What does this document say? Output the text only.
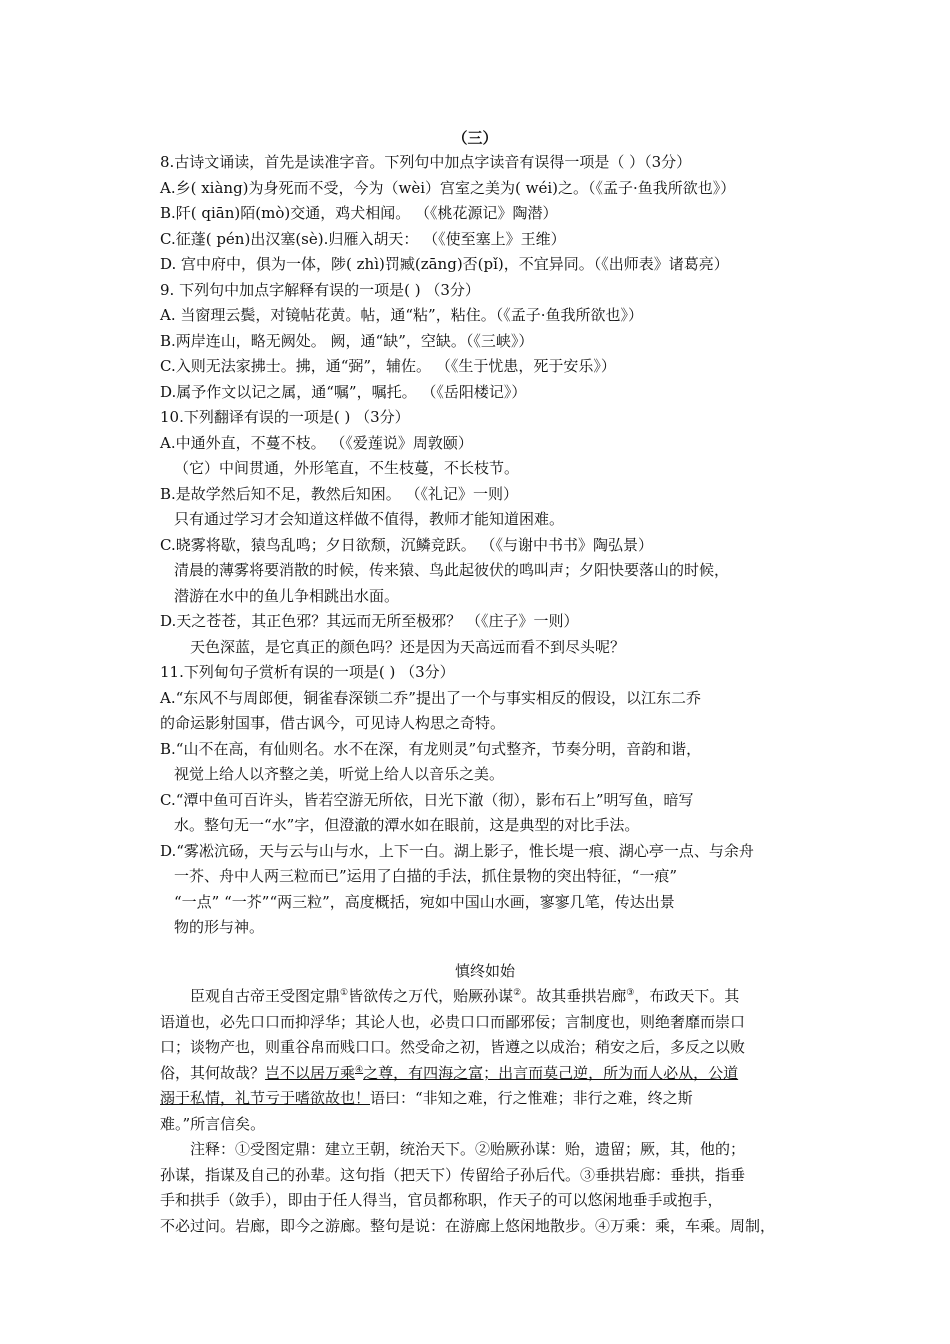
（三）
8.古诗文诵读，首先是读准字音。下列句中加点字读音有误得一项是（ ）（3分）
A.乡( xiàng)为身死而不受，今为（wèi）宫室之美为( wéi)之。（《孟子·鱼我所欲也》）
B.阡( qiān)陌(mò)交通，鸡犬相闻。 （《桃花源记》陶潜）
C.征蓬( pén)出汉塞(sè).归雁入胡天： （《使至塞上》王维）
D. 宫中府中，俱为一体，陟( zhì)罚臧(zāng)否(pǐ)，不宜异同。（《出师表》诸葛亮）
9. 下列句中加点字解释有误的一项是( ) （3分）
A. 当窗理云鬓，对镜帖花黄。帖，通“粘”，粘住。（《孟子·鱼我所欲也》）
B.两岸连山，略无阙处。 阙，通“缺”，空缺。（《三峡》）
C.入则无法家拂士。拂，通“弼”，辅佐。 （《生于忧患，死于安乐》）
D.属予作文以记之属，通“嘱”，嘱托。 （《岳阳楼记》）
10.下列翻译有误的一项是( ) （3分）
A.中通外直，不蔓不枝。 （《爱莲说》周敦颐）
（它）中间贯通，外形笔直，不生枝蔓，不长枝节。
B.是故学然后知不足，教然后知困。 （《礼记》一则）
只有通过学习才会知道这样做不值得，教师才能知道困难。
C.晓雾将歇，猿鸟乱鸣；夕日欲颓，沉鳞竞跃。 （《与谢中书书》陶弘景）
清晨的薄雾将要消散的时候，传来猿、鸟此起彼伏的鸣叫声；夕阳快要落山的时候，
潜游在水中的鱼儿争相跳出水面。
D.天之苍苍，其正色邪？其远而无所至极邪？ （《庄子》一则）
天色深蓝，是它真正的颜色吗？还是因为天高远而看不到尽头呢？
11.下列甸句子赏析有误的一项是( ) （3分）
A.“东风不与周郎便，铜雀春深锁二乔”提出了一个与事实相反的假设，以江东二乔
的命运影射国事，借古讽今，可见诗人构思之奇特。
B.“山不在高，有仙则名。水不在深，有龙则灵”句式整齐，节奏分明，音韵和谐，
视觉上给人以齐整之美，听觉上给人以音乐之美。
C.“潭中鱼可百许头，皆若空游无所依，日光下澈（彻），影布石上”明写鱼，暗写
水。整句无一“水”字，但澄澈的潭水如在眼前，这是典型的对比手法。
D.“雾凇沆砀，天与云与山与水，上下一白。湖上影子，惟长堤一痕、湖心亭一点、与余舟
一芥、舟中人两三粒而已”运用了白描的手法，抓住景物的突出特征，“一痕”
“一点” “一芥”“两三粒”，高度概括，宛如中国山水画，寥寥几笔，传达出景
物的形与神。
慎终如始
臣观自古帝王受图定鼎①皆欲传之万代，贻厥孙谋②。故其垂拱岩廊③，布政天下。其
语道也，必先口口而抑浮华；其论人也，必贵口口而鄙邪佞；言制度也，则绝奢靡而崇口
口；谈物产也，则重谷帛而贱口口。然受命之初，皆遵之以成治；稍安之后，多反之以败
俗，其何故哉？岂不以居万乘④之尊，有四海之富；出言而莫己逆，所为而人必从，公道
溺于私情，礼节亏于嗜欲故也！语曰：“非知之难，行之惟难；非行之难，终之斯
难。”所言信矣。
注释：①受图定鼎：建立王朝，统治天下。②贻厥孙谋：贻，遗留；厥，其，他的；
孙谋，指谋及自己的孙辈。这句指（把天下）传留给子孙后代。③垂拱岩廊：垂拱，指垂
手和拱手（敛手），即由于任人得当，官员都称职，作天子的可以悠闲地垂手或抱手，
不必过问。岩廊，即今之游廊。整句是说：在游廊上悠闲地散步。④万乘：乘，车乘。周制，
